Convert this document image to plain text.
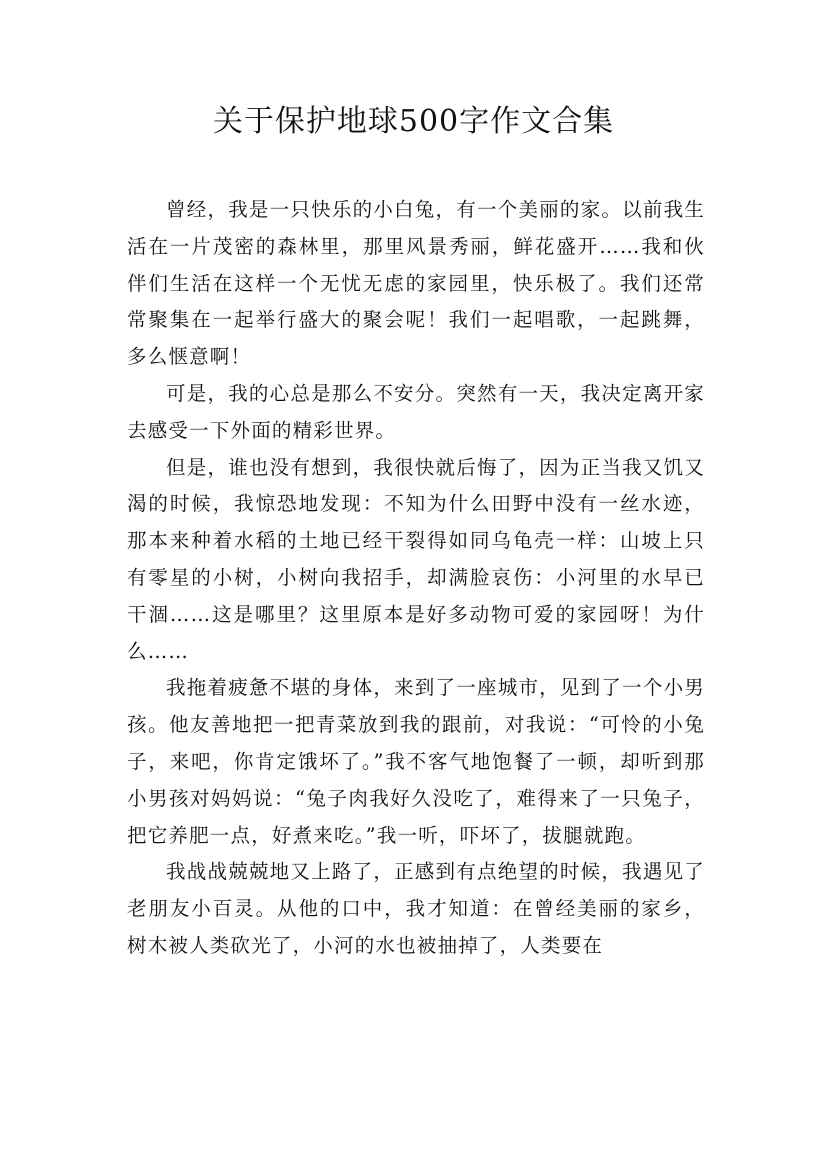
关于保护地球500字作文合集

曾经，我是一只快乐的小白兔，有一个美丽的家。以前我生活在一片茂密的森林里，那里风景秀丽，鲜花盛开……我和伙伴们生活在这样一个无忧无虑的家园里，快乐极了。我们还常常聚集在一起举行盛大的聚会呢！我们一起唱歌，一起跳舞，多么惬意啊！

可是，我的心总是那么不安分。突然有一天，我决定离开家去感受一下外面的精彩世界。

但是，谁也没有想到，我很快就后悔了，因为正当我又饥又渴的时候，我惊恐地发现：不知为什么田野中没有一丝水迹，那本来种着水稻的土地已经干裂得如同乌龟壳一样：山坡上只有零星的小树，小树向我招手，却满脸哀伤：小河里的水早已干涸……这是哪里？这里原本是好多动物可爱的家园呀！为什么……

我拖着疲惫不堪的身体，来到了一座城市，见到了一个小男孩。他友善地把一把青菜放到我的跟前，对我说：“可怜的小兔子，来吧，你肯定饿坏了。”我不客气地饱餐了一顿，却听到那小男孩对妈妈说：“兔子肉我好久没吃了，难得来了一只兔子，把它养肥一点，好煮来吃。”我一听，吓坏了，拔腿就跑。

我战战兢兢地又上路了，正感到有点绝望的时候，我遇见了老朋友小百灵。从他的口中，我才知道：在曾经美丽的家乡，树木被人类砍光了，小河的水也被抽掉了，人类要在
